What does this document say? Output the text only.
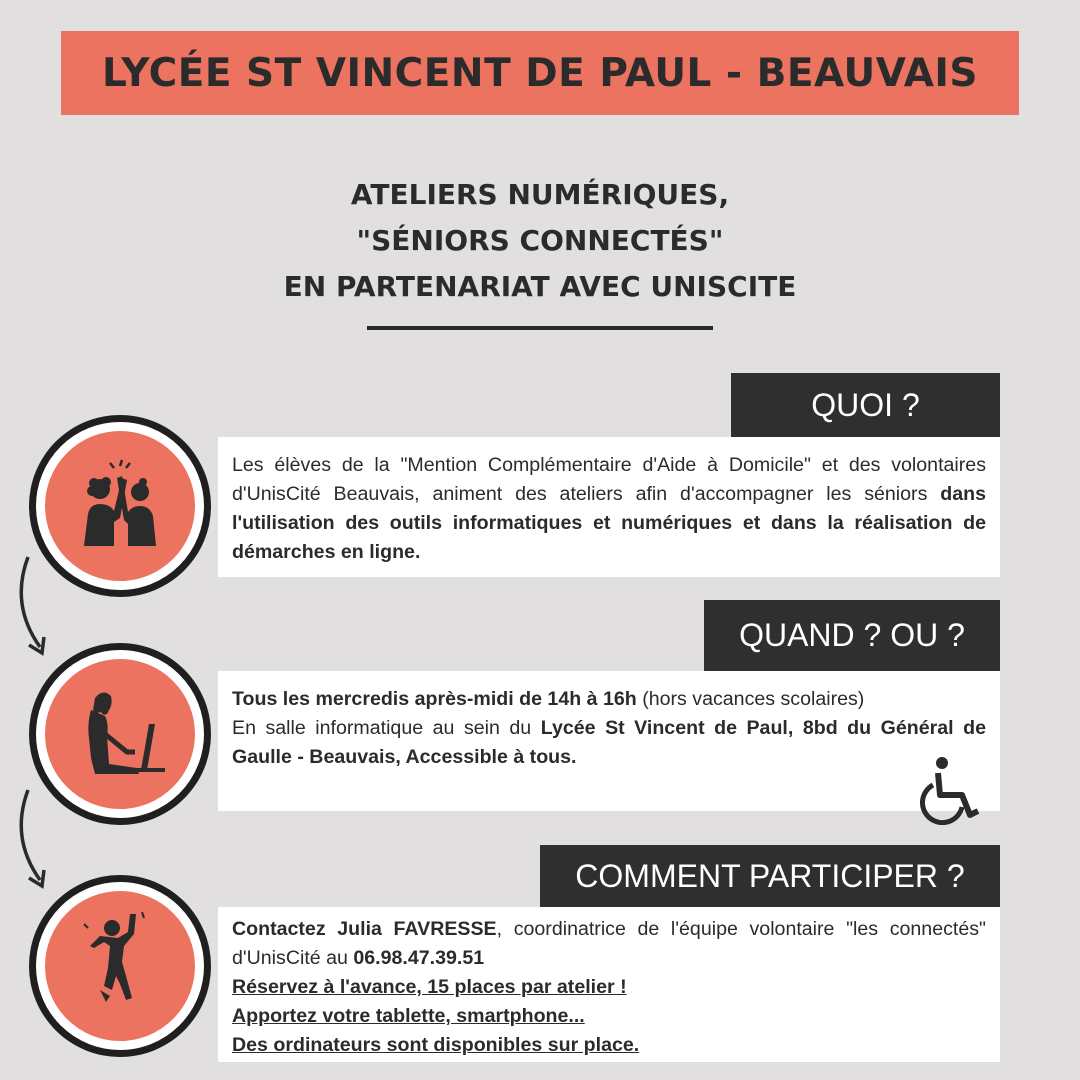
LYCÉE ST VINCENT DE PAUL - BEAUVAIS
ATELIERS NUMÉRIQUES,
"SÉNIORS CONNECTÉS"
EN PARTENARIAT AVEC UNISCITE
QUOI ?
Les élèves de la "Mention Complémentaire d'Aide à Domicile" et des volontaires d'UnisCité Beauvais, animent des ateliers afin d'accompagner les séniors dans l'utilisation des outils informatiques et numériques et dans la réalisation de démarches en ligne.
QUAND ? OU ?
Tous les mercredis après-midi de 14h à 16h (hors vacances scolaires)
En salle informatique au sein du Lycée St Vincent de Paul, 8bd du Général de Gaulle - Beauvais, Accessible à tous.
COMMENT PARTICIPER ?
Contactez Julia FAVRESSE, coordinatrice de l'équipe volontaire "les connectés" d'UnisCité au 06.98.47.39.51
Réservez à l'avance, 15 places par atelier !
Apportez votre tablette, smartphone...
Des ordinateurs sont disponibles sur place.
